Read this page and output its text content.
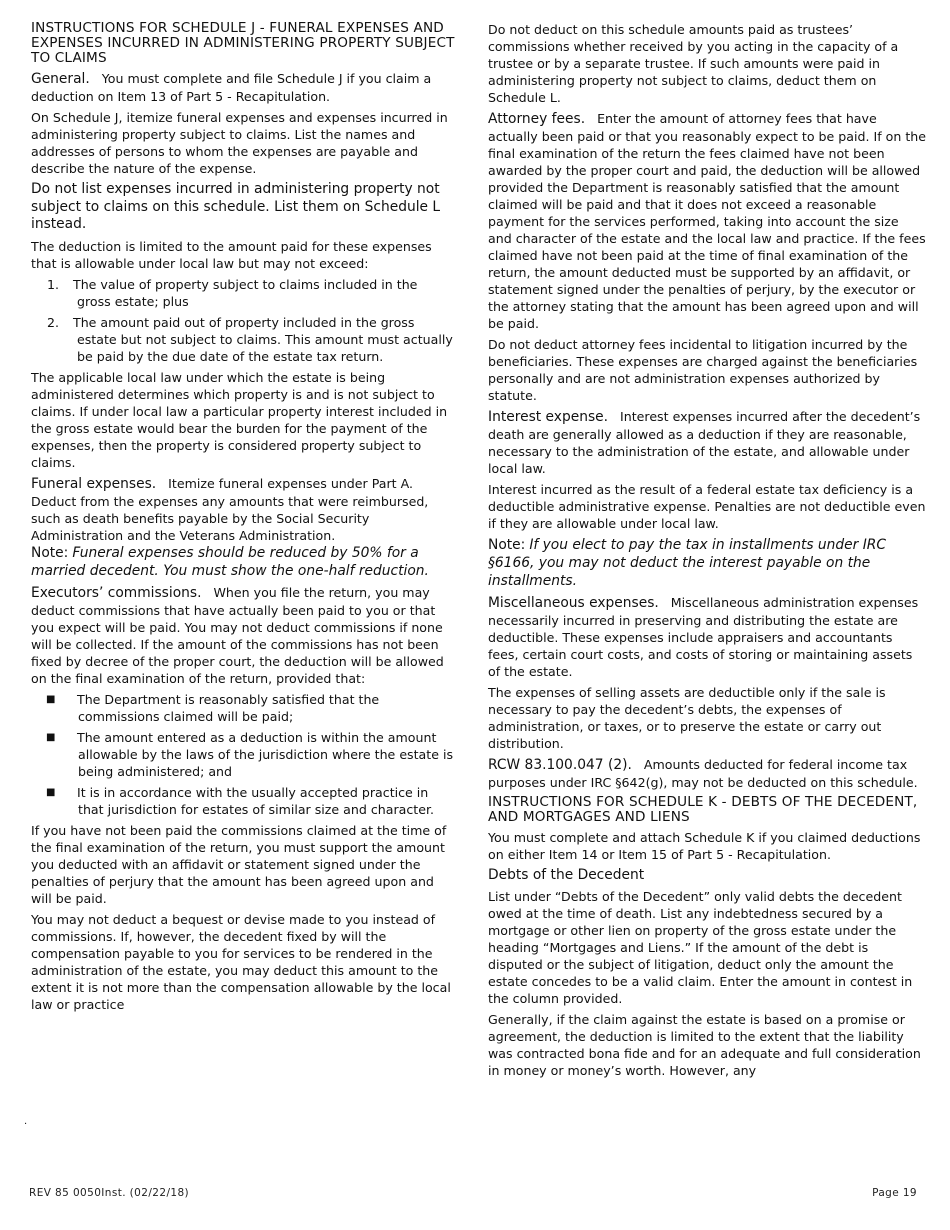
INSTRUCTIONS FOR SCHEDULE J - FUNERAL EXPENSES AND EXPENSES INCURRED IN ADMINISTERING PROPERTY SUBJECT TO CLAIMS

General. You must complete and file Schedule J if you claim a deduction on Item 13 of Part 5 - Recapitulation.

On Schedule J, itemize funeral expenses and expenses incurred in administering property subject to claims. List the names and addresses of persons to whom the expenses are payable and describe the nature of the expense.

Do not list expenses incurred in administering property not subject to claims on this schedule. List them on Schedule L instead.

The deduction is limited to the amount paid for these expenses that is allowable under local law but may not exceed:

1. The value of property subject to claims included in the gross estate; plus
2. The amount paid out of property included in the gross estate but not subject to claims. This amount must actually be paid by the due date of the estate tax return.

The applicable local law under which the estate is being administered determines which property is and is not subject to claims. If under local law a particular property interest included in the gross estate would bear the burden for the payment of the expenses, then the property is considered property subject to claims.

Funeral expenses. Itemize funeral expenses under Part A. Deduct from the expenses any amounts that were reimbursed, such as death benefits payable by the Social Security Administration and the Veterans Administration.
Note: Funeral expenses should be reduced by 50% for a married decedent. You must show the one-half reduction.

Executors’ commissions. When you file the return, you may deduct commissions that have actually been paid to you or that you expect will be paid. You may not deduct commissions if none will be collected. If the amount of the commissions has not been fixed by decree of the proper court, the deduction will be allowed on the final examination of the return, provided that:

■ The Department is reasonably satisfied that the commissions claimed will be paid;
■ The amount entered as a deduction is within the amount allowable by the laws of the jurisdiction where the estate is being administered; and
■ It is in accordance with the usually accepted practice in that jurisdiction for estates of similar size and character.

If you have not been paid the commissions claimed at the time of the final examination of the return, you must support the amount you deducted with an affidavit or statement signed under the penalties of perjury that the amount has been agreed upon and will be paid.

You may not deduct a bequest or devise made to you instead of commissions. If, however, the decedent fixed by will the compensation payable to you for services to be rendered in the administration of the estate, you may deduct this amount to the extent it is not more than the compensation allowable by the local law or practice

.

Do not deduct on this schedule amounts paid as trustees’ commissions whether received by you acting in the capacity of a trustee or by a separate trustee. If such amounts were paid in administering property not subject to claims, deduct them on Schedule L.

Attorney fees. Enter the amount of attorney fees that have actually been paid or that you reasonably expect to be paid. If on the final examination of the return the fees claimed have not been awarded by the proper court and paid, the deduction will be allowed provided the Department is reasonably satisfied that the amount claimed will be paid and that it does not exceed a reasonable payment for the services performed, taking into account the size and character of the estate and the local law and practice. If the fees claimed have not been paid at the time of final examination of the return, the amount deducted must be supported by an affidavit, or statement signed under the penalties of perjury, by the executor or the attorney stating that the amount has been agreed upon and will be paid.

Do not deduct attorney fees incidental to litigation incurred by the beneficiaries. These expenses are charged against the beneficiaries personally and are not administration expenses authorized by statute.

Interest expense. Interest expenses incurred after the decedent’s death are generally allowed as a deduction if they are reasonable, necessary to the administration of the estate, and allowable under local law.

Interest incurred as the result of a federal estate tax deficiency is a deductible administrative expense. Penalties are not deductible even if they are allowable under local law.

Note: If you elect to pay the tax in installments under IRC §6166, you may not deduct the interest payable on the installments.

Miscellaneous expenses. Miscellaneous administration expenses necessarily incurred in preserving and distributing the estate are deductible. These expenses include appraisers and accountants fees, certain court costs, and costs of storing or maintaining assets of the estate.

The expenses of selling assets are deductible only if the sale is necessary to pay the decedent’s debts, the expenses of administration, or taxes, or to preserve the estate or carry out distribution.

RCW 83.100.047 (2). Amounts deducted for federal income tax purposes under IRC §642(g), may not be deducted on this schedule.

INSTRUCTIONS FOR SCHEDULE K - DEBTS OF THE DECEDENT, AND MORTGAGES AND LIENS

You must complete and attach Schedule K if you claimed deductions on either Item 14 or Item 15 of Part 5 - Recapitulation.

Debts of the Decedent

List under “Debts of the Decedent” only valid debts the decedent owed at the time of death. List any indebtedness secured by a mortgage or other lien on property of the gross estate under the heading “Mortgages and Liens.” If the amount of the debt is disputed or the subject of litigation, deduct only the amount the estate concedes to be a valid claim. Enter the amount in contest in the column provided.

Generally, if the claim against the estate is based on a promise or agreement, the deduction is limited to the extent that the liability was contracted bona fide and for an adequate and full consideration in money or money’s worth. However, any

REV 85 0050Inst. (02/22/18)	Page 19
